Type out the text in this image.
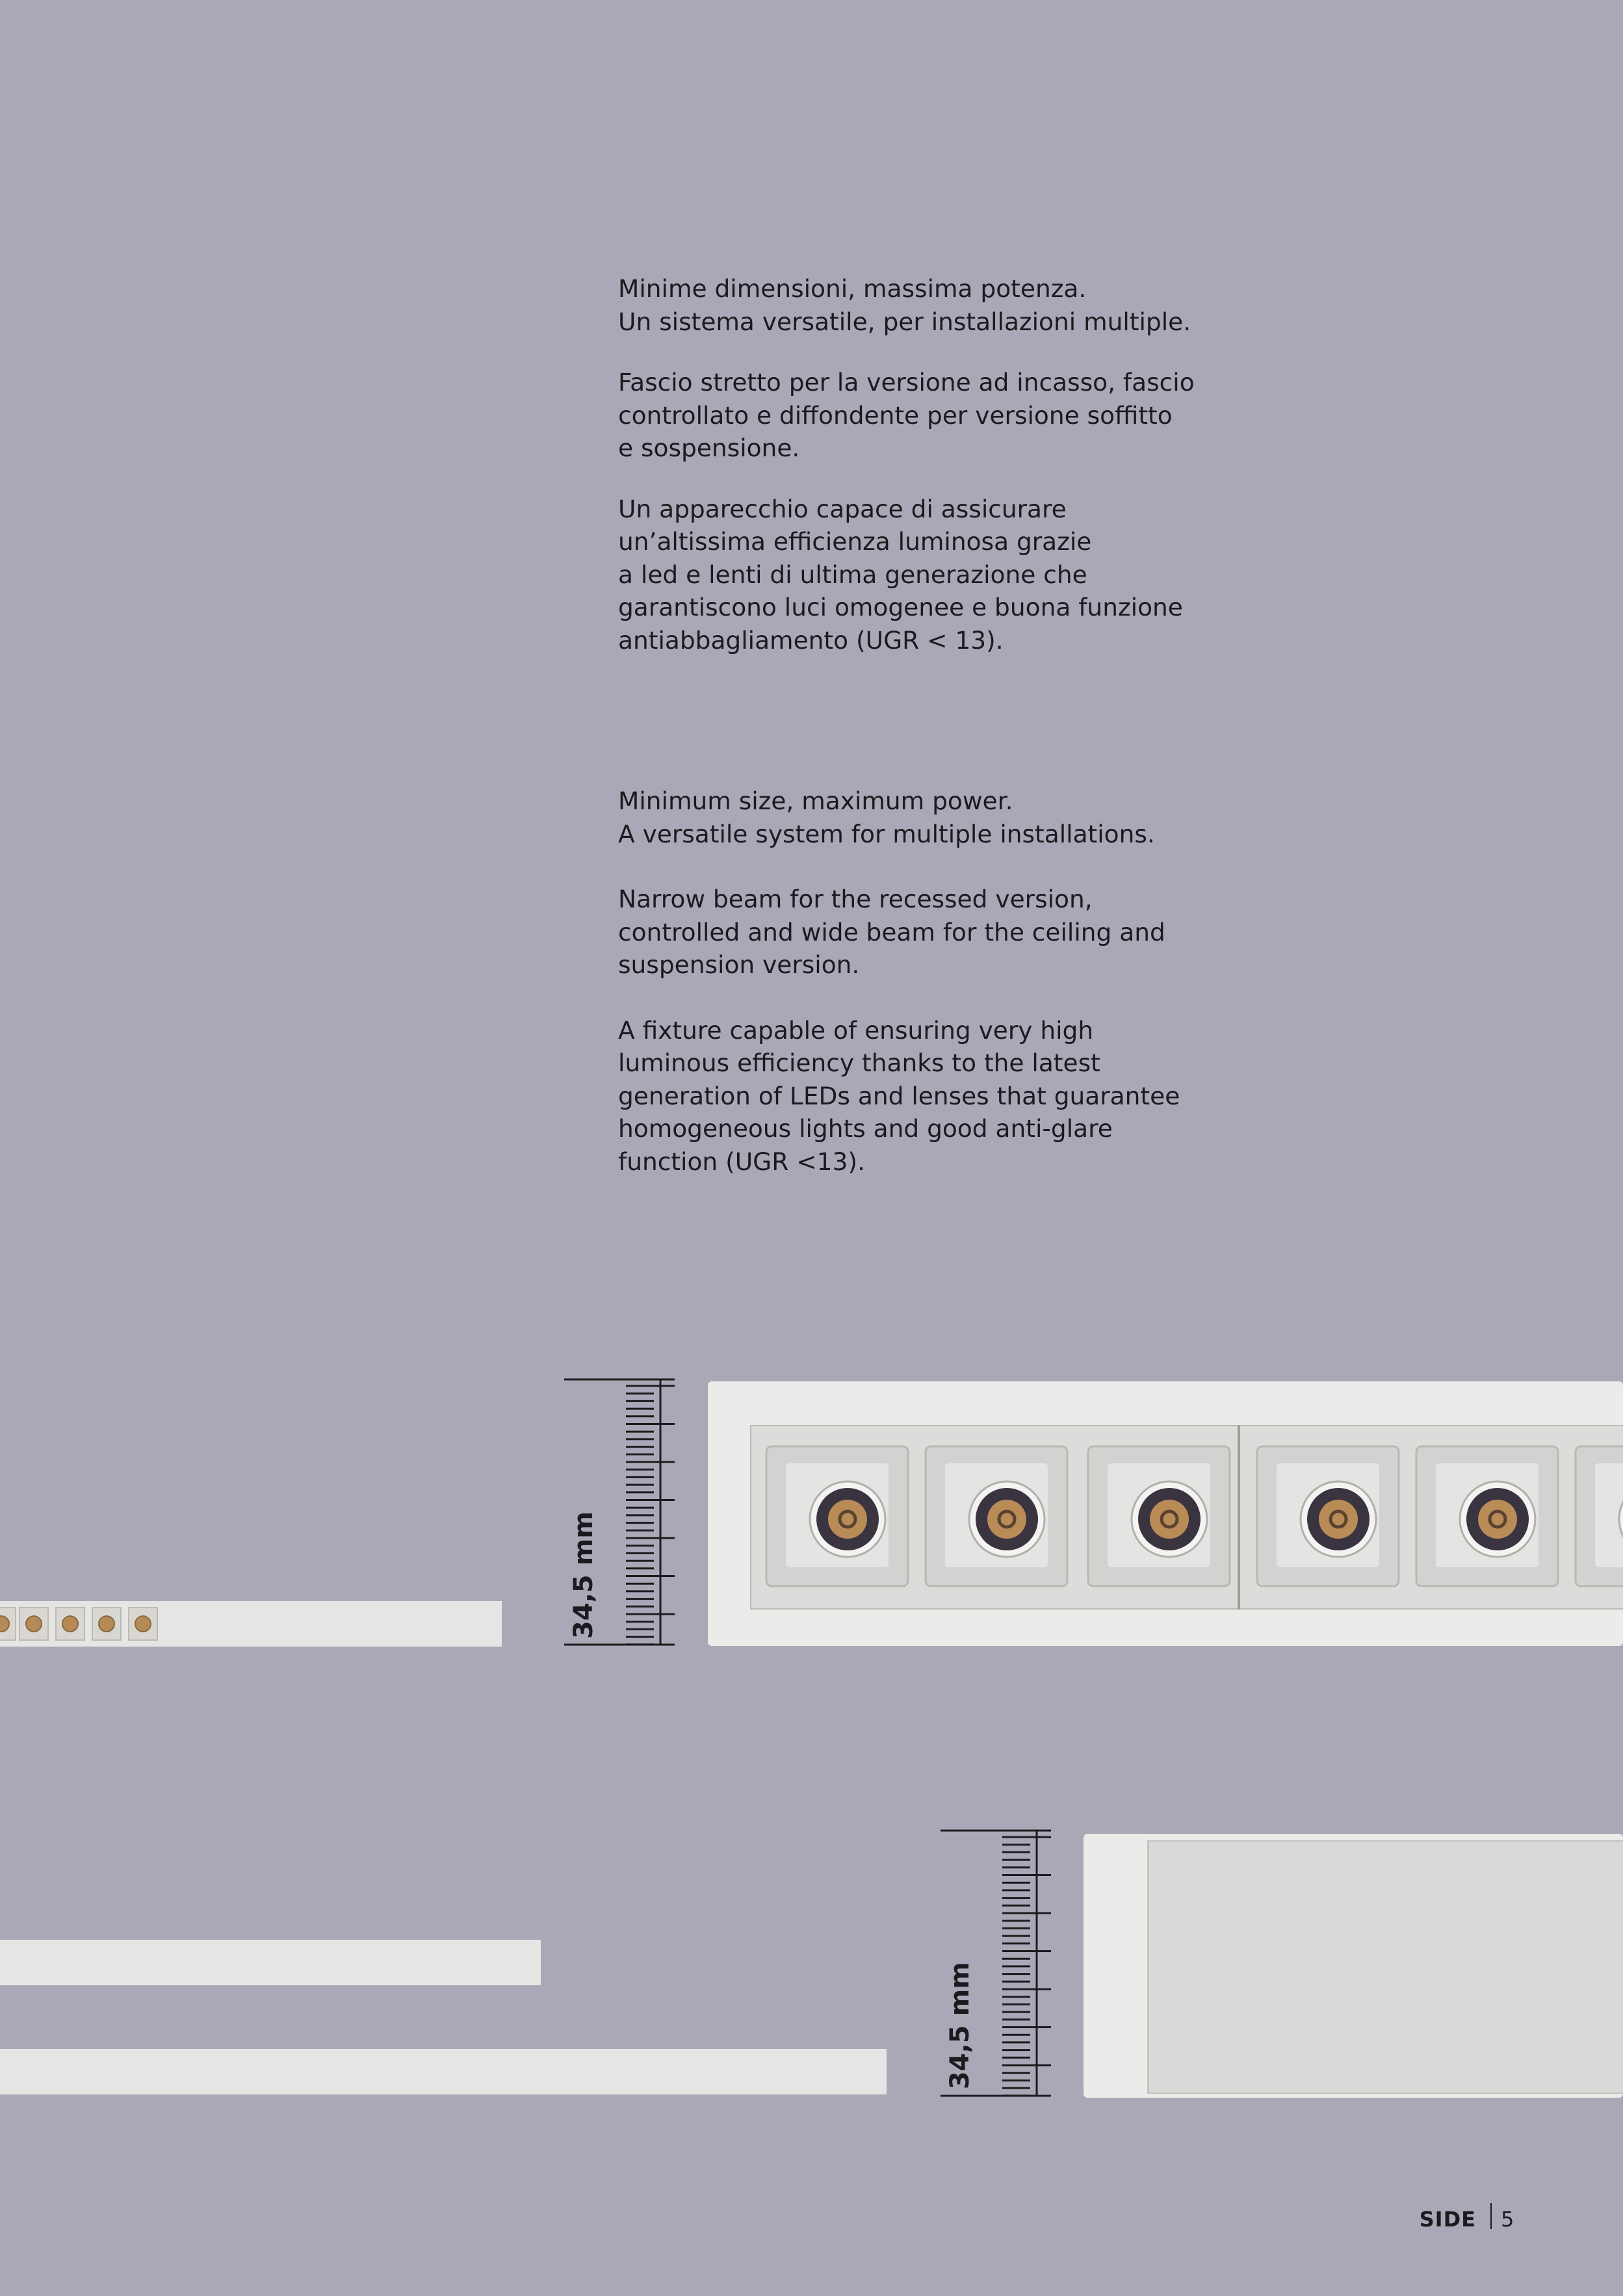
Minime dimensioni, massima potenza.
Un sistema versatile, per installazioni multiple.

Fascio stretto per la versione ad incasso, fascio
controllato e diffondente per versione soffitto
e sospensione.

Un apparecchio capace di assicurare
un’altissima efficienza luminosa grazie
a led e lenti di ultima generazione che
garantiscono luci omogenee e buona funzione
antiabbagliamento (UGR < 13).

Minimum size, maximum power.
A versatile system for multiple installations.

Narrow beam for the recessed version,
controlled and wide beam for the ceiling and
suspension version.

A fixture capable of ensuring very high
luminous efficiency thanks to the latest
generation of LEDs and lenses that guarantee
homogeneous lights and good anti-glare
function (UGR <13).

34,5 mm
34,5 mm
SIDE 5
